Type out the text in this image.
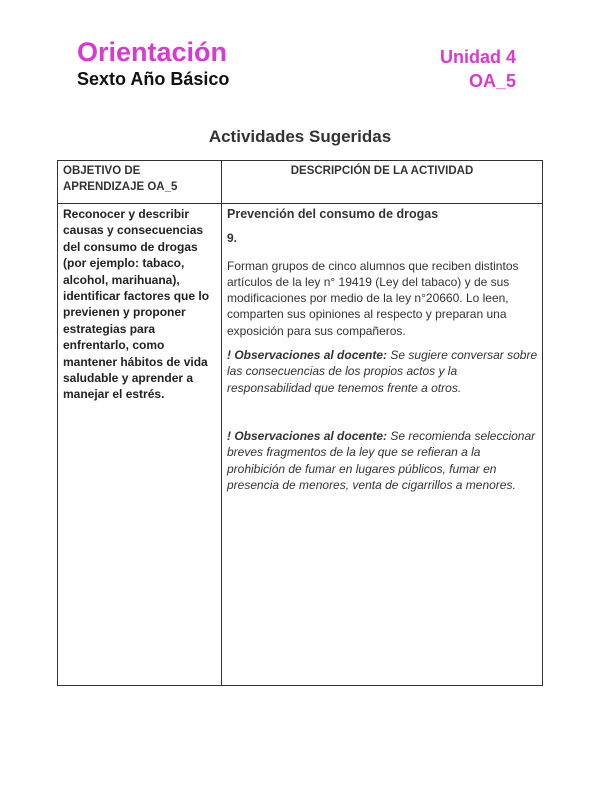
Orientación
Sexto Año Básico
Unidad 4
OA_5
Actividades Sugeridas
OBJETIVO DE APRENDIZAJE OA_5
DESCRIPCIÓN DE LA ACTIVIDAD
Reconocer y describir causas y consecuencias del consumo de drogas (por ejemplo: tabaco, alcohol, marihuana), identificar factores que lo previenen y proponer estrategias para enfrentarlo, como mantener hábitos de vida saludable y aprender a manejar el estrés.
Prevención del consumo de drogas
9.
Forman grupos de cinco alumnos que reciben distintos artículos de la ley n° 19419 (Ley del tabaco) y de sus modificaciones por medio de la ley n°20660. Lo leen, comparten sus opiniones al respecto y preparan una exposición para sus compañeros.
! Observaciones al docente: Se sugiere conversar sobre las consecuencias de los propios actos y la responsabilidad que tenemos frente a otros.
! Observaciones al docente: Se recomienda seleccionar breves fragmentos de la ley que se refieran a la prohibición de fumar en lugares públicos, fumar en presencia de menores, venta de cigarrillos a menores.
